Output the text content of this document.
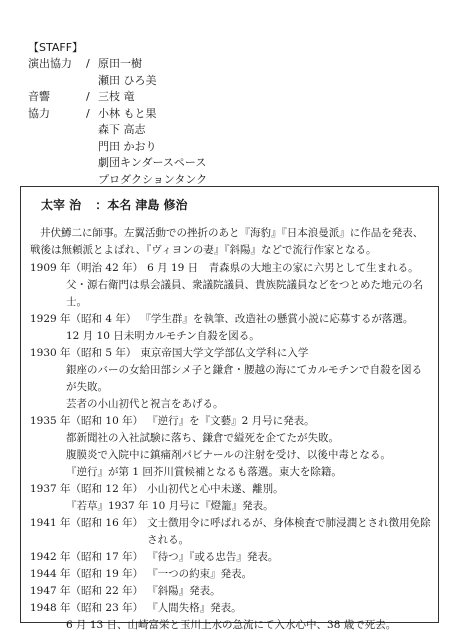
【STAFF】
演出協力	/ 原田一樹
瀬田 ひろ美
音響	/ 三枝 竜
協力	/ 小林 もと果
森下 高志
門田 かおり
劇団キンダースペース
プロダクションタンク
太宰 治 ：本名 津島 修治

井伏鱒二に師事。左翼活動での挫折のあと『海豹』『日本浪曼派』に作品を発表、戦後は無頼派とよばれ、『ヴィヨンの妻』『斜陽』などで流行作家となる。

1909 年（明治 42 年） 6 月 19 日　青森県の大地主の家に六男として生まれる。
父・源右衛門は県会議員、衆議院議員、貴族院議員などをつとめた地元の名士。
1929 年（昭和 4 年） 『学生群』を執筆、改造社の懸賞小説に応募するが落選。
12 月 10 日未明カルモチン自殺を図る。
1930 年（昭和 5 年） 東京帝国大学文学部仏文学科に入学
銀座のバーの女給田部シメ子と鎌倉・腰越の海にてカルモチンで自殺を図るが失敗。
芸者の小山初代と祝言をあげる。
1935 年（昭和 10 年） 『逆行』を『文藝』2 月号に発表。
都新聞社の入社試験に落ち、鎌倉で縊死を企てたが失敗。
腹膜炎で入院中に鎮痛剤パビナールの注射を受け、以後中毒となる。
『逆行』が第 1 回芥川賞候補となるも落選。東大を除籍。
1937 年（昭和 12 年） 小山初代と心中未遂、離別。
『若草』1937 年 10 月号に『燈籠』発表。
1941 年（昭和 16 年） 文士徴用令に呼ばれるが、身体検査で肺浸潤とされ徴用免除される。
1942 年（昭和 17 年） 『待つ』『或る忠告』発表。
1944 年（昭和 19 年） 『一つの約束』発表。
1947 年（昭和 22 年） 『斜陽』発表。
1948 年（昭和 23 年） 『人間失格』発表。
6 月 13 日、山崎富栄と玉川上水の急流にて入水心中、38 歳で死去。
